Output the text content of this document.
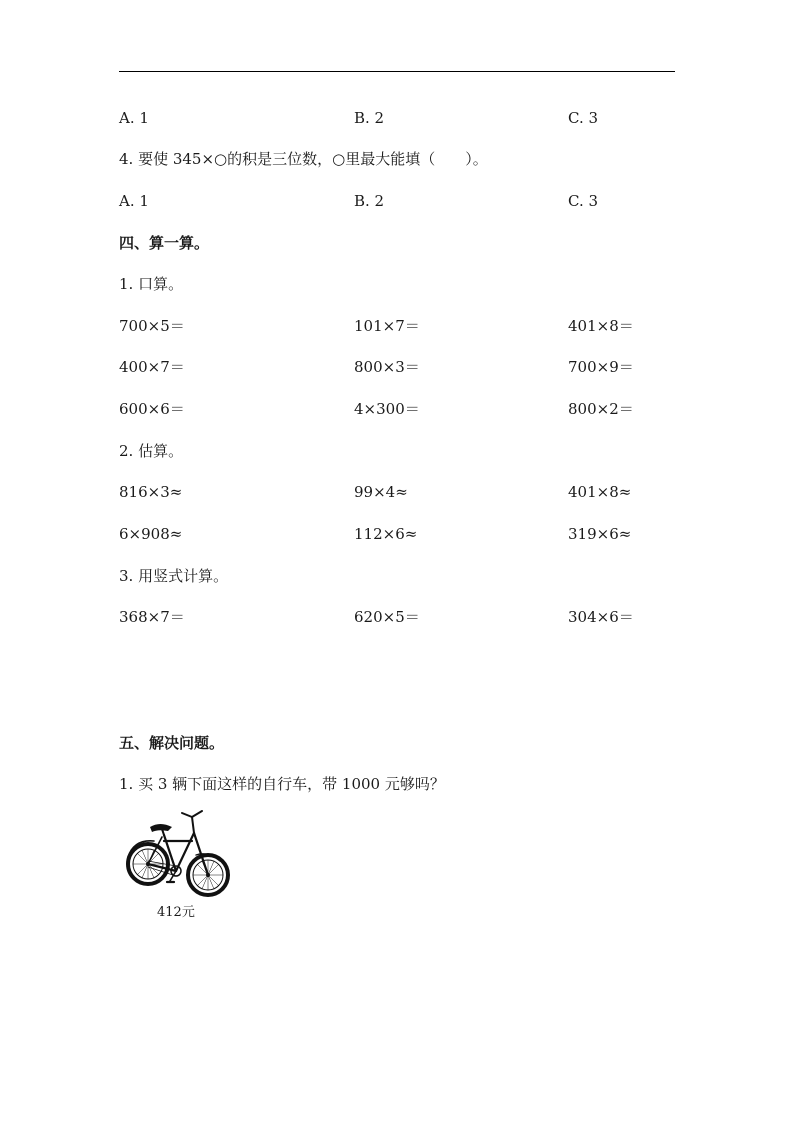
A. 1	B. 2	C. 3
4. 要使 345×○的积是三位数，○里最大能填（　　）。
A. 1	B. 2	C. 3
四、算一算。
1. 口算。
700×5＝	101×7＝	401×8＝
400×7＝	800×3＝	700×9＝
600×6＝	4×300＝	800×2＝
2. 估算。
816×3≈	99×4≈	401×8≈
6×908≈	112×6≈	319×6≈
3. 用竖式计算。
368×7＝	620×5＝	304×6＝
五、解决问题。
1. 买 3 辆下面这样的自行车，带 1000 元够吗？
412元
